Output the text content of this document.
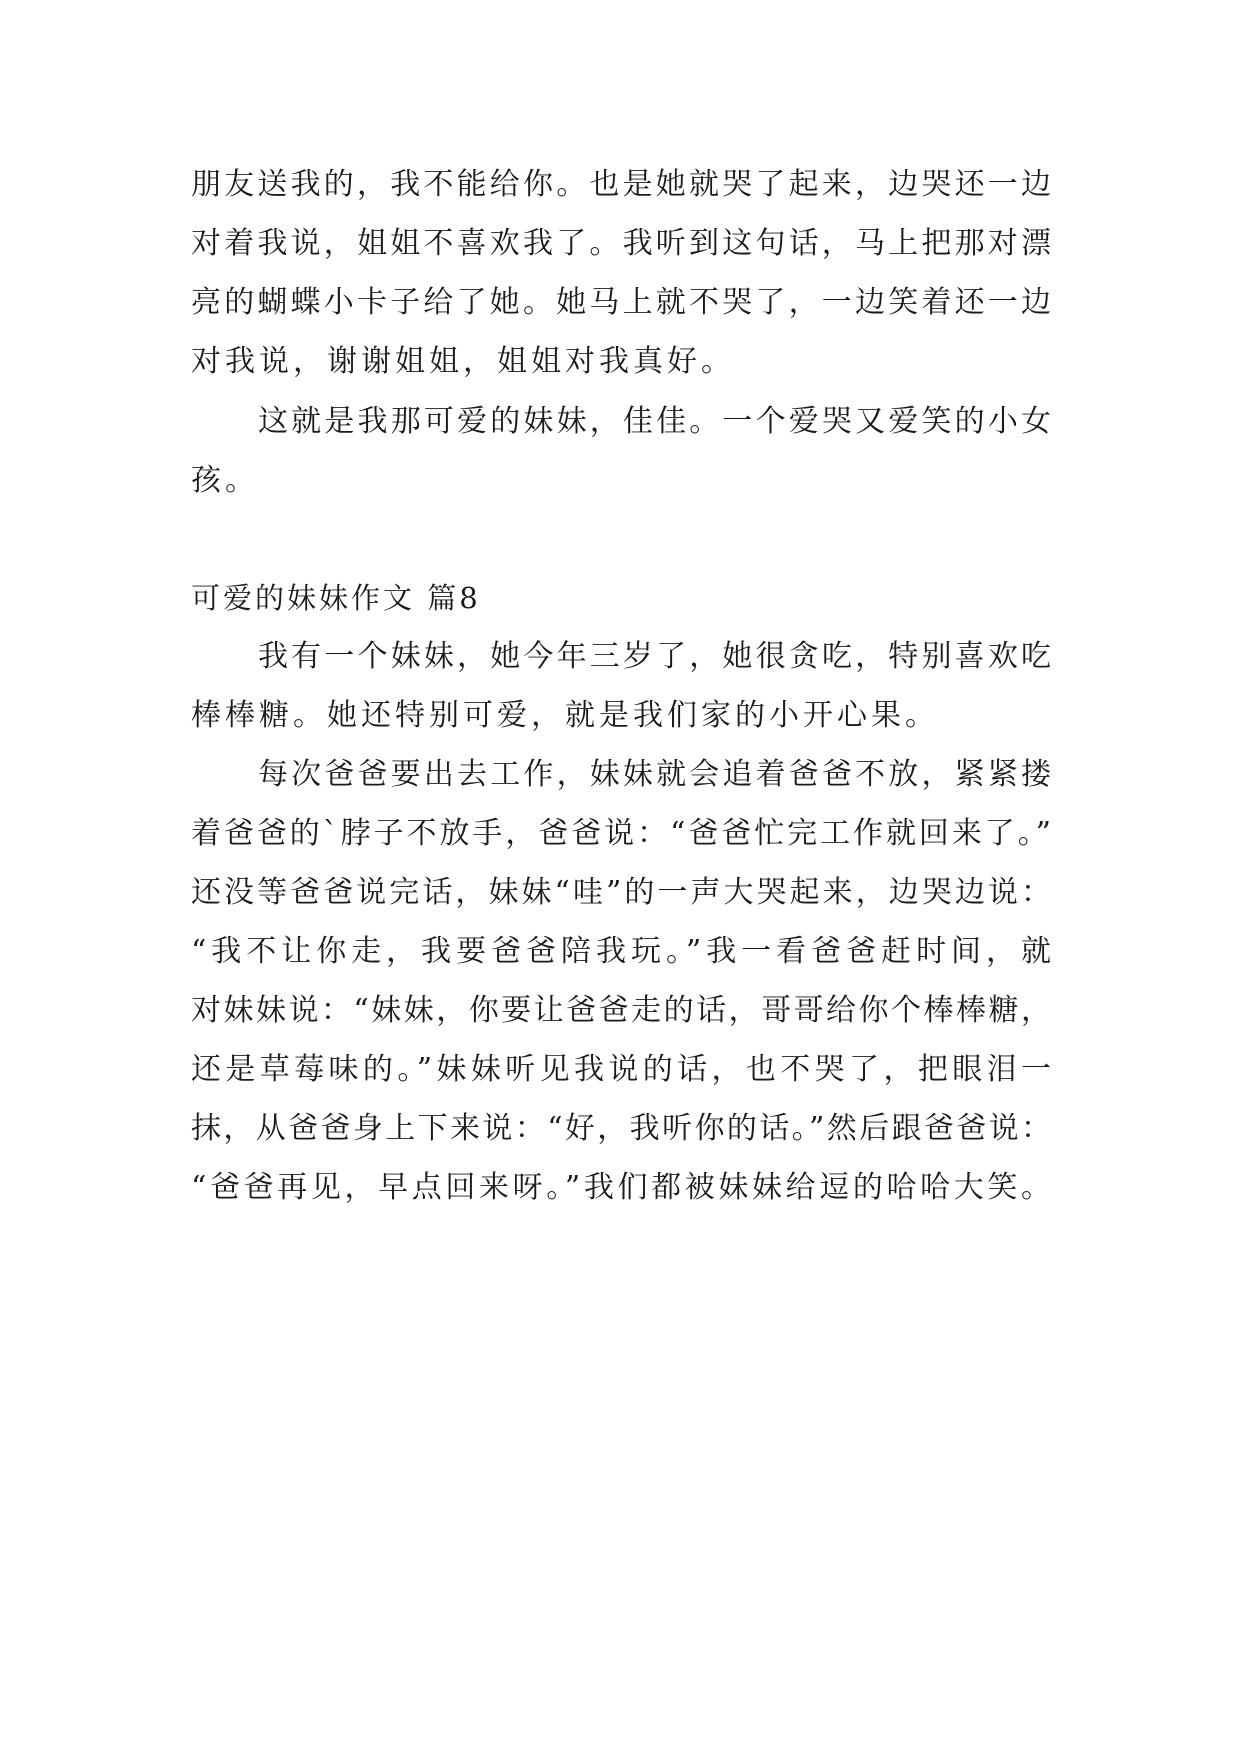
朋友送我的，我不能给你。也是她就哭了起来，边哭还一边
对着我说，姐姐不喜欢我了。我听到这句话，马上把那对漂
亮的蝴蝶小卡子给了她。她马上就不哭了，一边笑着还一边
对我说，谢谢姐姐，姐姐对我真好。
这就是我那可爱的妹妹，佳佳。一个爱哭又爱笑的小女
孩。
可爱的妹妹作文 篇8
我有一个妹妹，她今年三岁了，她很贪吃，特别喜欢吃
棒棒糖。她还特别可爱，就是我们家的小开心果。
每次爸爸要出去工作，妹妹就会追着爸爸不放，紧紧搂
着爸爸的`脖子不放手，爸爸说：“爸爸忙完工作就回来了。”
还没等爸爸说完话，妹妹“哇”的一声大哭起来，边哭边说：
“我不让你走，我要爸爸陪我玩。”我一看爸爸赶时间，就
对妹妹说：“妹妹，你要让爸爸走的话，哥哥给你个棒棒糖，
还是草莓味的。”妹妹听见我说的话，也不哭了，把眼泪一
抹，从爸爸身上下来说：“好，我听你的话。”然后跟爸爸说：
“爸爸再见，早点回来呀。”我们都被妹妹给逗的哈哈大笑。
